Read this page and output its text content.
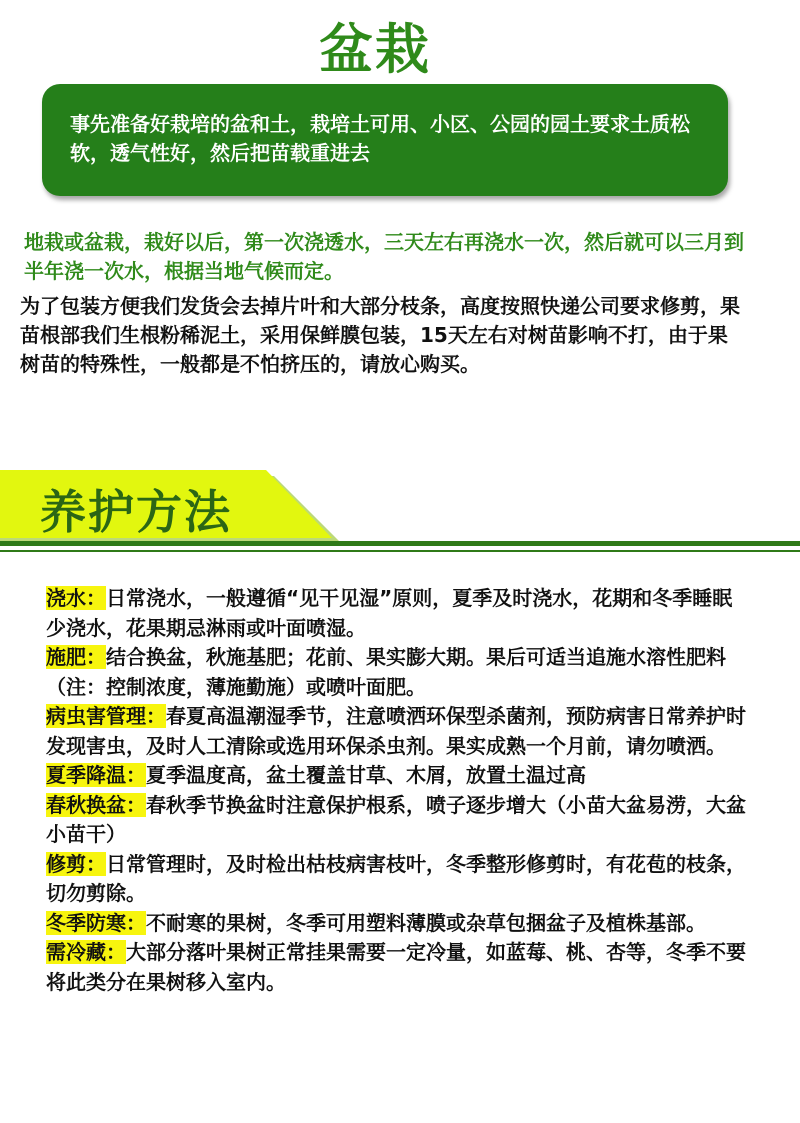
盆栽
事先准备好栽培的盆和土，栽培土可用、小区、公园的园土要求土质松软，透气性好，然后把苗载重进去
地栽或盆栽，栽好以后，第一次浇透水，三天左右再浇水一次，然后就可以三月到半年浇一次水，根据当地气候而定。
为了包装方便我们发货会去掉片叶和大部分枝条，高度按照快递公司要求修剪，果苗根部我们生根粉稀泥土，采用保鲜膜包装，15天左右对树苗影响不打，由于果树苗的特殊性，一般都是不怕挤压的，请放心购买。
养护方法

浇水：日常浇水，一般遵循“见干见湿”原则，夏季及时浇水，花期和冬季睡眠少浇水，花果期忌淋雨或叶面喷湿。

施肥：结合换盆，秋施基肥；花前、果实膨大期。果后可适当追施水溶性肥料（注：控制浓度，薄施勤施）或喷叶面肥。

病虫害管理：春夏高温潮湿季节，注意喷洒环保型杀菌剂，预防病害日常养护时发现害虫，及时人工清除或选用环保杀虫剂。果实成熟一个月前，请勿喷洒。

夏季降温：夏季温度高，盆土覆盖甘草、木屑，放置土温过高

春秋换盆：春秋季节换盆时注意保护根系，喷子逐步增大（小苗大盆易涝，大盆小苗干）

修剪：日常管理时，及时检出枯枝病害枝叶，冬季整形修剪时，有花苞的枝条，切勿剪除。

冬季防寒：不耐寒的果树，冬季可用塑料薄膜或杂草包捆盆子及植株基部。

需冷藏：大部分落叶果树正常挂果需要一定冷量，如蓝莓、桃、杏等，冬季不要将此类分在果树移入室内。
